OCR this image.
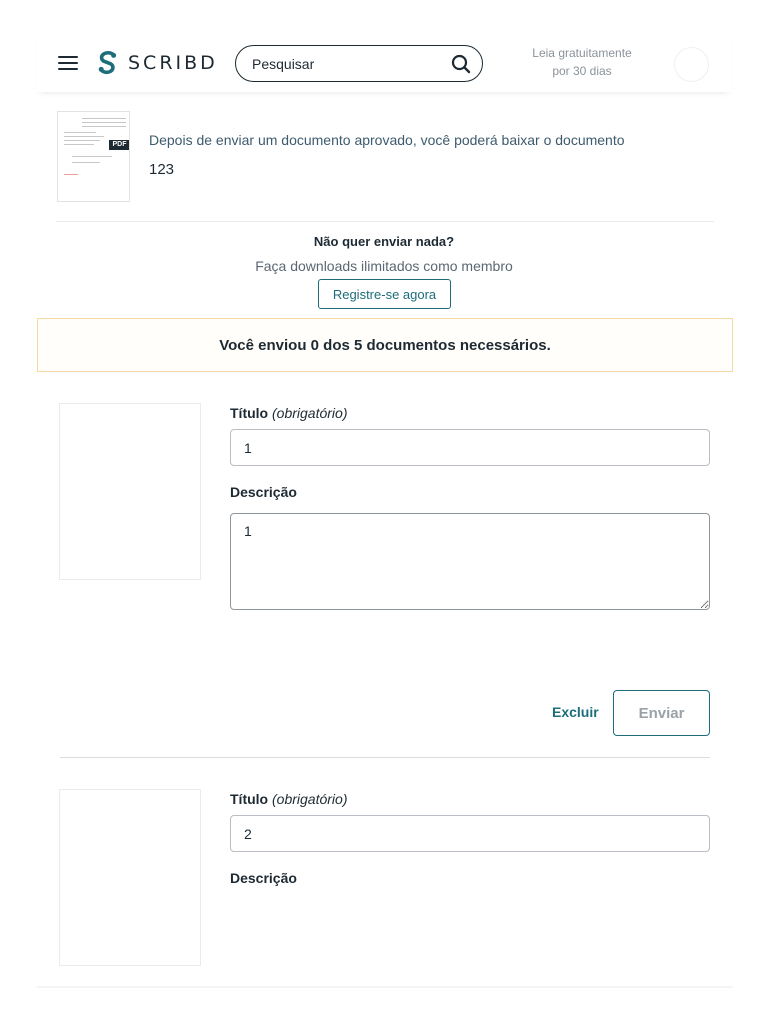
SCRIBD
Pesquisar	Leia gratuitamente
por 30 dias
PDF Depois de enviar um documento aprovado, você poderá baixar o documento
123
Não quer enviar nada?
Faça downloads ilimitados como membro
Registre-se agora
Você enviou 0 dos 5 documentos necessários.
Título (obrigatório)
1
Descrição
1
Excluir	Enviar
Título (obrigatório)
2
Descrição
